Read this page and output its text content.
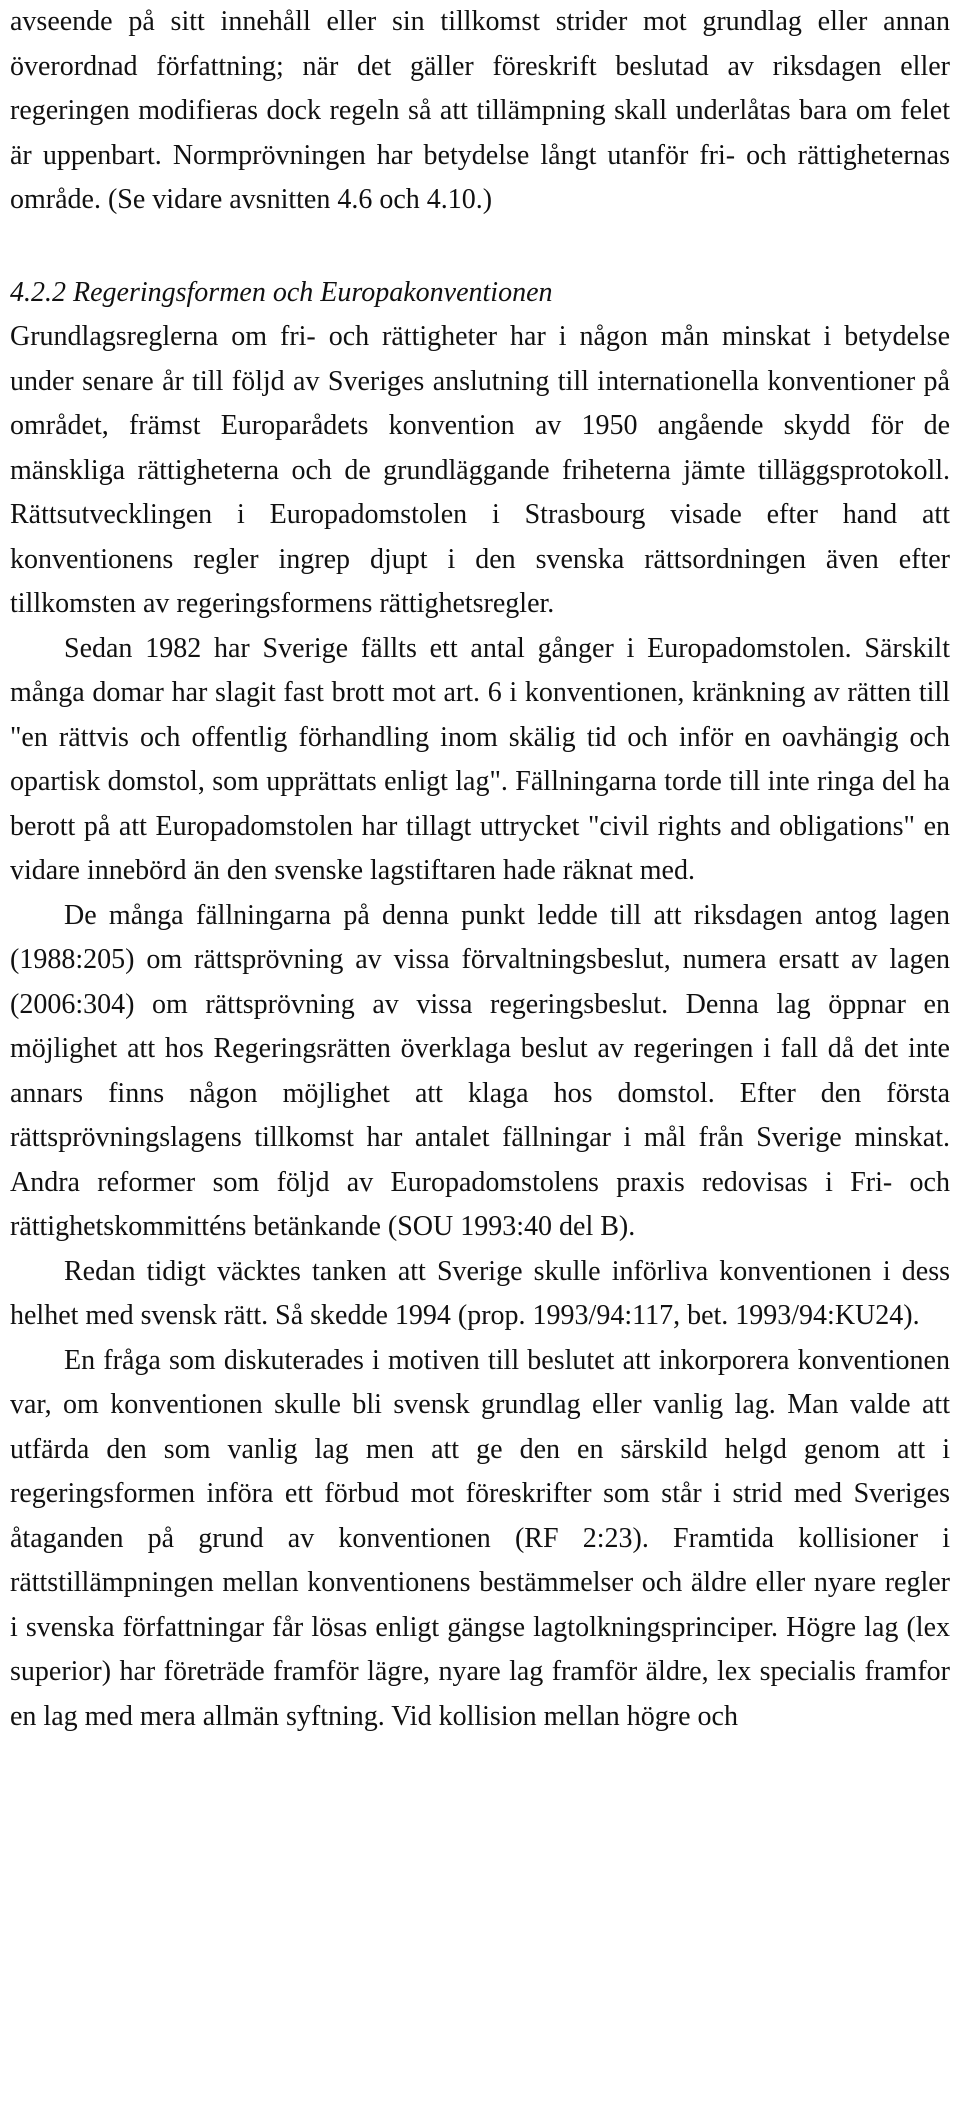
avseende på sitt innehåll eller sin tillkomst strider mot grundlag eller annan överordnad författning; när det gäller föreskrift beslutad av riksdagen eller regeringen modifieras dock regeln så att tillämpning skall underlåtas bara om felet är uppenbart. Normprövningen har betydelse långt utanför fri- och rättigheternas område. (Se vidare avsnitten 4.6 och 4.10.)

4.2.2 Regeringsformen och Europakonventionen

Grundlagsreglerna om fri- och rättigheter har i någon mån minskat i betydelse under senare år till följd av Sveriges anslutning till internationella konventioner på området, främst Europarådets konvention av 1950 angående skydd för de mänskliga rättigheterna och de grundläggande friheterna jämte tilläggsprotokoll. Rättsutvecklingen i Europadomstolen i Strasbourg visade efter hand att konventionens regler ingrep djupt i den svenska rättsordningen även efter tillkomsten av regeringsformens rättighetsregler.

Sedan 1982 har Sverige fällts ett antal gånger i Europadomstolen. Särskilt många domar har slagit fast brott mot art. 6 i konventionen, kränkning av rätten till "en rättvis och offentlig förhandling inom skälig tid och inför en oavhängig och opartisk domstol, som upprättats enligt lag". Fällningarna torde till inte ringa del ha berott på att Europadomstolen har tillagt uttrycket "civil rights and obligations" en vidare innebörd än den svenske lagstiftaren hade räknat med.

De många fällningarna på denna punkt ledde till att riksdagen antog lagen (1988:205) om rättsprövning av vissa förvaltningsbeslut, numera ersatt av lagen (2006:304) om rättsprövning av vissa regeringsbeslut. Denna lag öppnar en möjlighet att hos Regeringsrätten överklaga beslut av regeringen i fall då det inte annars finns någon möjlighet att klaga hos domstol. Efter den första rättsprövningslagens tillkomst har antalet fällningar i mål från Sverige minskat. Andra reformer som följd av Europadomstolens praxis redovisas i Fri- och rättighetskommitténs betänkande (SOU 1993:40 del B).

Redan tidigt väcktes tanken att Sverige skulle införliva konventionen i dess helhet med svensk rätt. Så skedde 1994 (prop. 1993/94:117, bet. 1993/94:KU24).

En fråga som diskuterades i motiven till beslutet att inkorporera konventionen var, om konventionen skulle bli svensk grundlag eller vanlig lag. Man valde att utfärda den som vanlig lag men att ge den en särskild helgd genom att i regeringsformen införa ett förbud mot föreskrifter som står i strid med Sveriges åtaganden på grund av konventionen (RF 2:23). Framtida kollisioner i rättstillämpningen mellan konventionens bestämmelser och äldre eller nyare regler i svenska författningar får lösas enligt gängse lagtolkningsprinciper. Högre lag (lex superior) har företräde framför lägre, nyare lag framför äldre, lex specialis framfor en lag med mera allmän syftning. Vid kollision mellan högre och
